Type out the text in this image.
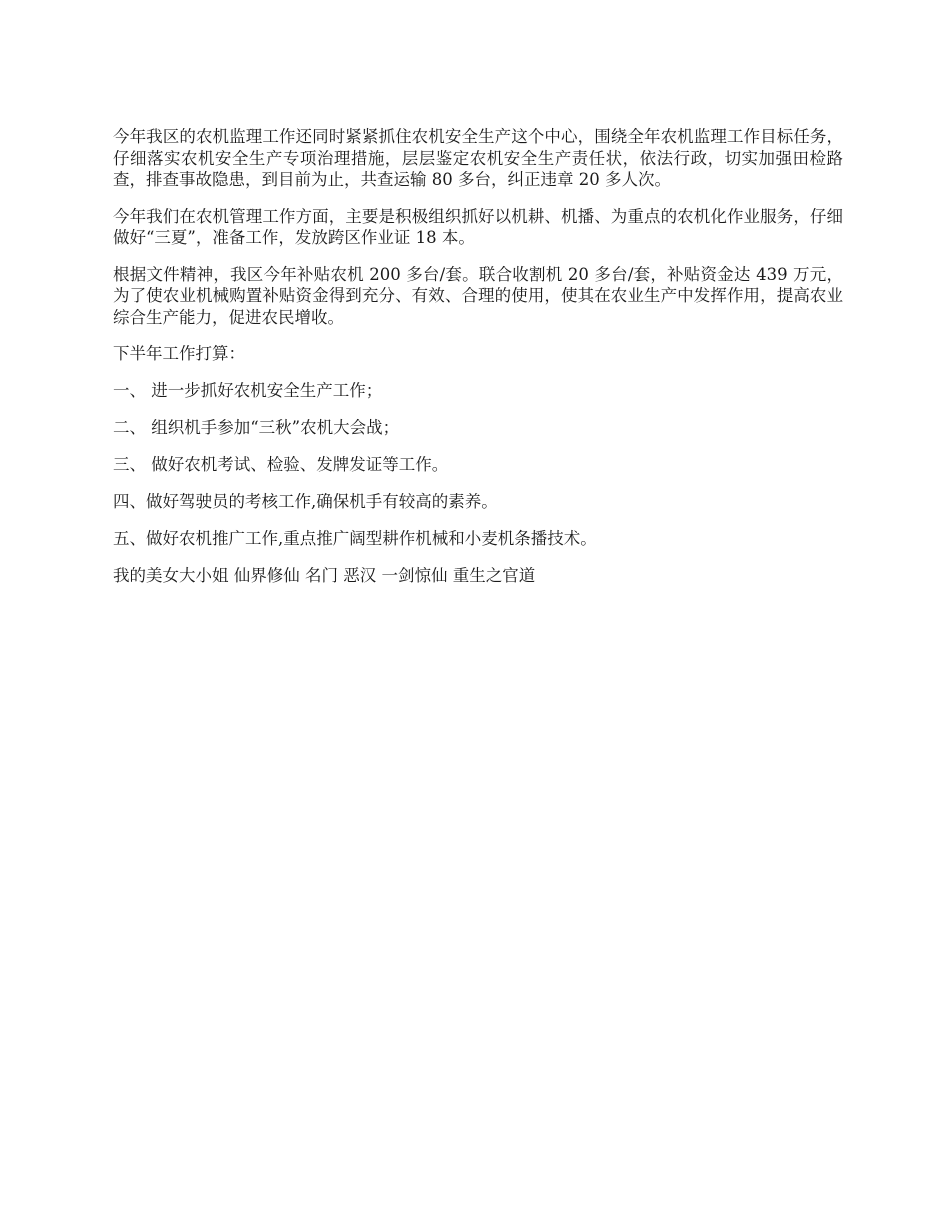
今年我区的农机监理工作还同时紧紧抓住农机安全生产这个中心，围绕全年农机监理工作目标任务，仔细落实农机安全生产专项治理措施，层层鉴定农机安全生产责任状，依法行政，切实加强田检路查，排查事故隐患，到目前为止，共查运输 80 多台，纠正违章 20 多人次。

今年我们在农机管理工作方面，主要是积极组织抓好以机耕、机播、为重点的农机化作业服务，仔细做好“三夏”，准备工作，发放跨区作业证 18 本。

根据文件精神，我区今年补贴农机 200 多台/套。联合收割机 20 多台/套，补贴资金达 439 万元，为了使农业机械购置补贴资金得到充分、有效、合理的使用，使其在农业生产中发挥作用，提高农业综合生产能力，促进农民增收。

下半年工作打算：

一、 进一步抓好农机安全生产工作；

二、 组织机手参加“三秋”农机大会战；

三、 做好农机考试、检验、发牌发证等工作。

四、做好驾驶员的考核工作,确保机手有较高的素养。

五、做好农机推广工作,重点推广阔型耕作机械和小麦机条播技术。

我的美女大小姐 仙界修仙 名门 恶汉 一剑惊仙 重生之官道
